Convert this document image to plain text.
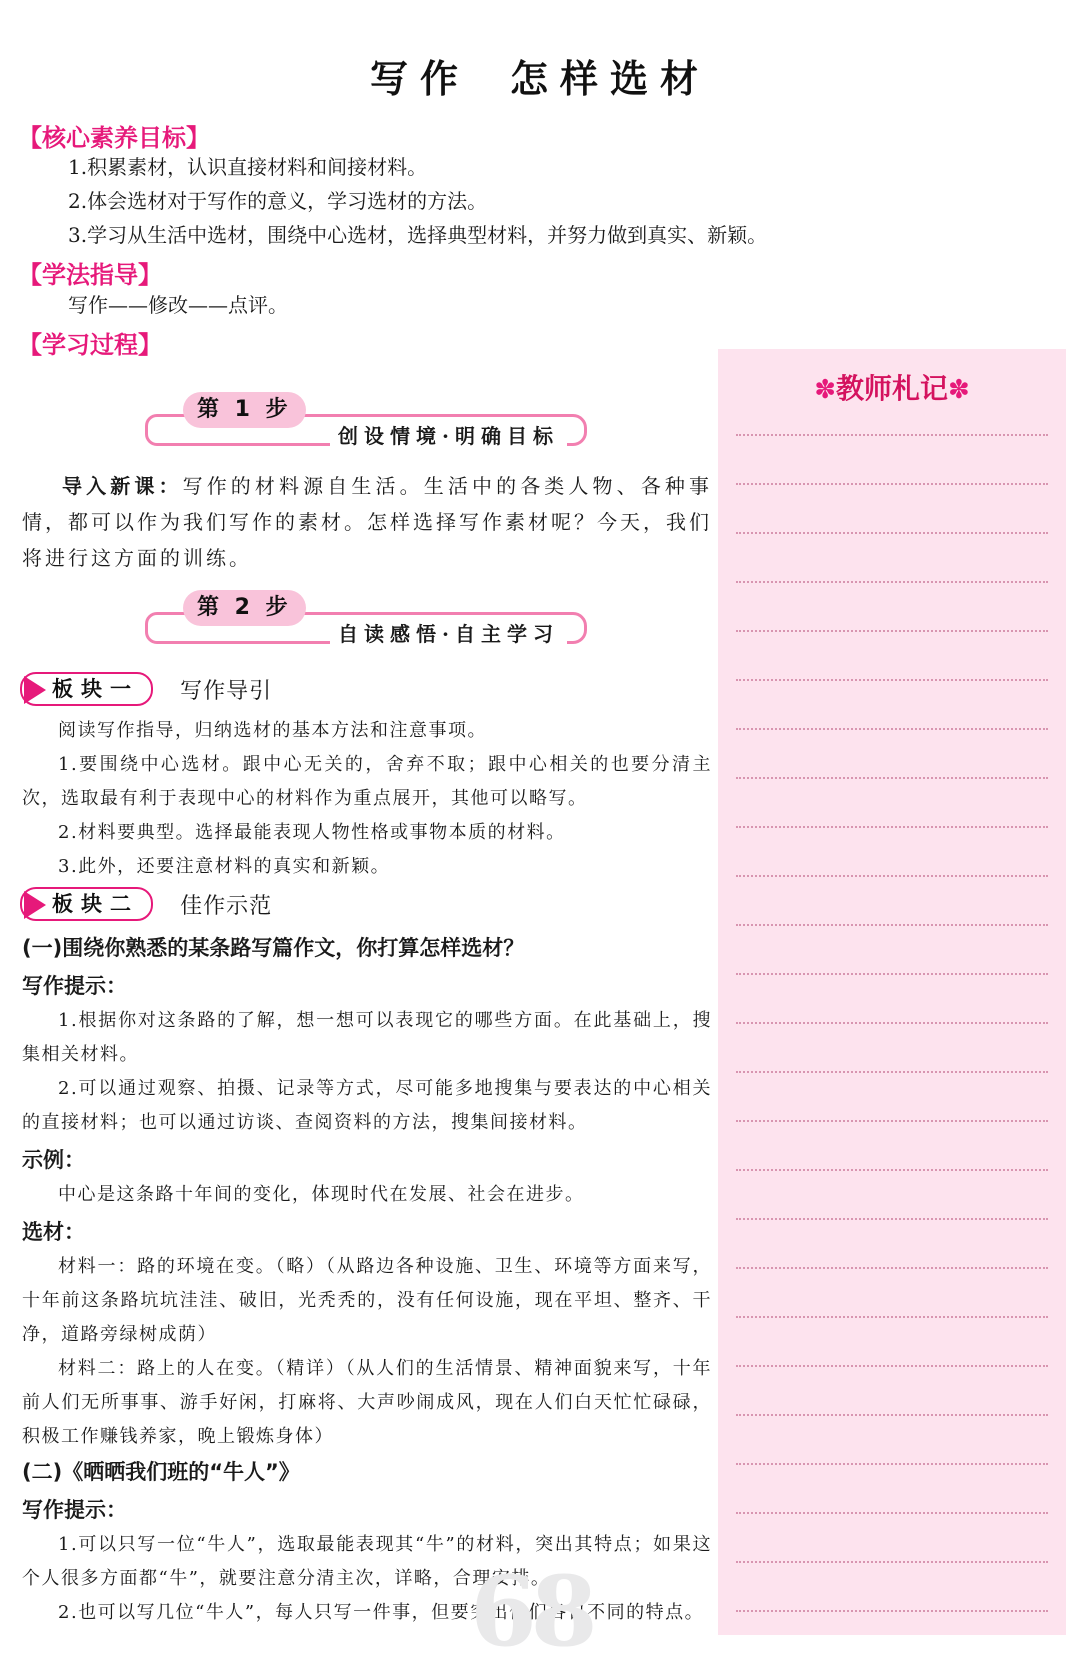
写作 怎样选材
【核心素养目标】
1.积累素材，认识直接材料和间接材料。
2.体会选材对于写作的意义，学习选材的方法。
3.学习从生活中选材，围绕中心选材，选择典型材料，并努力做到真实、新颖。
【学法指导】
写作——修改——点评。
【学习过程】
第 1 步
创设情境·明确目标

导入新课：写作的材料源自生活。生活中的各类人物、各种事情，都可以作为我们写作的素材。怎样选择写作素材呢？今天，我们将进行这方面的训练。

第 2 步
自读感悟·自主学习
板块一 写作导引

阅读写作指导，归纳选材的基本方法和注意事项。

1.要围绕中心选材。跟中心无关的，舍弃不取；跟中心相关的也要分清主次，选取最有利于表现中心的材料作为重点展开，其他可以略写。

2.材料要典型。选择最能表现人物性格或事物本质的材料。

3.此外，还要注意材料的真实和新颖。

板块二 佳作示范
(一)围绕你熟悉的某条路写篇作文，你打算怎样选材？
写作提示：

1.根据你对这条路的了解，想一想可以表现它的哪些方面。在此基础上，搜集相关材料。

2.可以通过观察、拍摄、记录等方式，尽可能多地搜集与要表达的中心相关的直接材料；也可以通过访谈、查阅资料的方法，搜集间接材料。

示例：

中心是这条路十年间的变化，体现时代在发展、社会在进步。

选材：

材料一：路的环境在变。（略）（从路边各种设施、卫生、环境等方面来写，十年前这条路坑坑洼洼、破旧，光秃秃的，没有任何设施，现在平坦、整齐、干净，道路旁绿树成荫）

材料二：路上的人在变。（精详）（从人们的生活情景、精神面貌来写，十年前人们无所事事、游手好闲，打麻将、大声吵闹成风，现在人们白天忙忙碌碌，积极工作赚钱养家，晚上锻炼身体）

(二)《晒晒我们班的“牛人”》
写作提示：

1.可以只写一位“牛人”，选取最能表现其“牛”的材料，突出其特点；如果这个人很多方面都“牛”，就要注意分清主次，详略，合理安排。

2.也可以写几位“牛人”，每人只写一件事，但要突出他们各自不同的特点。

✽教师札记✽
68
